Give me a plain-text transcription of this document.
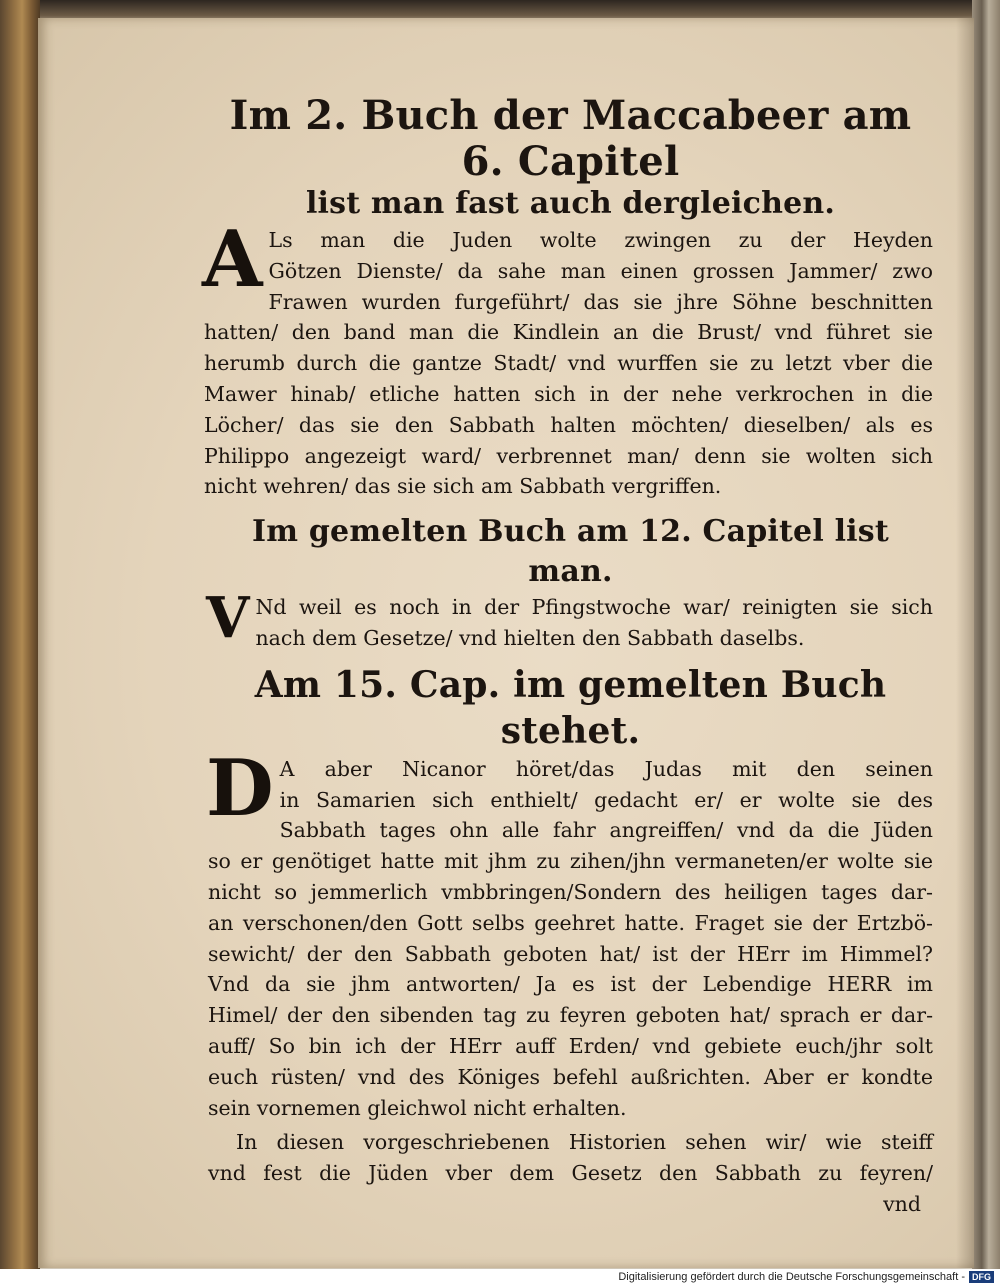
Im 2. Buch der Maccabeer am 6. Capitel

list man fast auch dergleichen.

A Ls man die Juden wolte zwingen zu der Heyden
Götzen Dienste/ da sahe man einen grossen Jammer/ zwo
Frawen wurden furgeführt/ das sie jhre Söhne beschnitten
hatten/ den band man die Kindlein an die Brust/ vnd führet sie
herumb durch die gantze Stadt/ vnd wurffen sie zu letzt vber die
Mawer hinab/ etliche hatten sich in der nehe verkrochen in die
Löcher/ das sie den Sabbath halten möchten/ dieselben/ als es
Philippo angezeigt ward/ verbrennet man/ denn sie wolten sich
nicht wehren/ das sie sich am Sabbath vergriffen.

Im gemelten Buch am 12. Capitel list man.

V Nd weil es noch in der Pfingstwoche war/ reinigten sie sich
nach dem Gesetze/ vnd hielten den Sabbath daselbs.

Am 15. Cap. im gemelten Buch stehet.

D A aber Nicanor höret/das Judas mit den seinen
in Samarien sich enthielt/ gedacht er/ er wolte sie des
Sabbath tages ohn alle fahr angreiffen/ vnd da die Jüden
so er genötiget hatte mit jhm zu zihen/jhn vermaneten/er wolte sie
nicht so jemmerlich vmbbringen/Sondern des heiligen tages dar-
an verschonen/den Gott selbs geehret hatte. Fraget sie der Ertzbö-
sewicht/ der den Sabbath geboten hat/ ist der HErr im Himmel?
Vnd da sie jhm antworten/ Ja es ist der Lebendige HERR im
Himel/ der den sibenden tag zu feyren geboten hat/ sprach er dar-
auff/ So bin ich der HErr auff Erden/ vnd gebiete euch/jhr solt
euch rüsten/ vnd des Königes befehl außrichten. Aber er kondte
sein vornemen gleichwol nicht erhalten.
In diesen vorgeschriebenen Historien sehen wir/ wie steiff
vnd fest die Jüden vber dem Gesetz den Sabbath zu feyren/
vnd
Digitalisierung gefördert durch die Deutsche Forschungsgemeinschaft - DFG
